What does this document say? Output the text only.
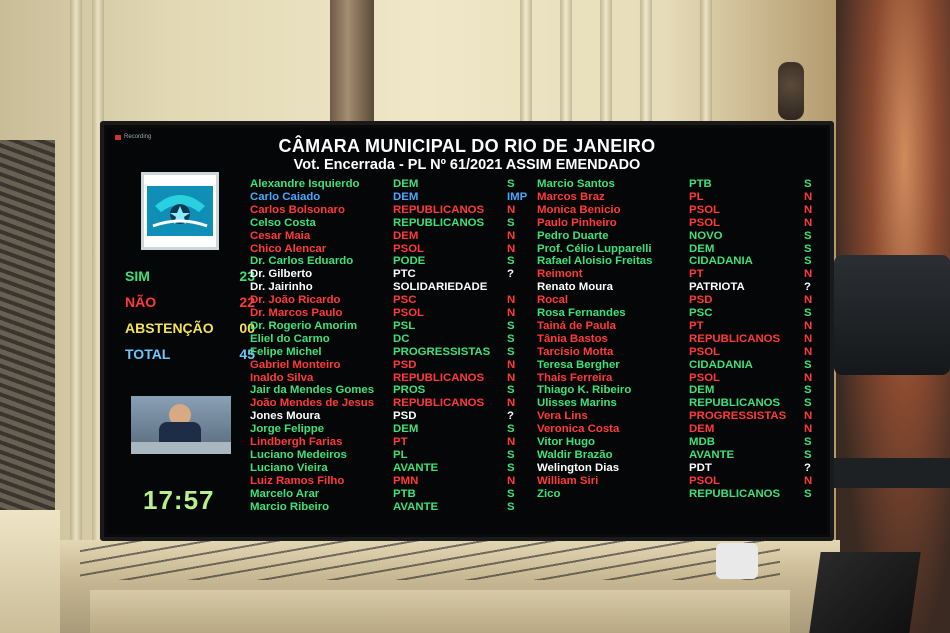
Recording	CÂMARA MUNICIPAL DO RIO DE JANEIRO
Vot. Encerrada - PL Nº 61/2021 ASSIM EMENDADO
SIM	23
NÃO	22
ABSTENÇÃO	00
TOTAL	45
17:57
Alexandre Isquierdo	DEM	S
Carlo Caiado	DEM	IMP
Carlos Bolsonaro	REPUBLICANOS N
Celso Costa	REPUBLICANOS S
Cesar Maia	DEM	N
Chico Alencar	PSOL	N
Dr. Carlos Eduardo	PODE	S
Dr. Gilberto	PTC	?
Dr. Jairinho	SOLIDARIEDADE
Dr. João Ricardo	PSC	N
Dr. Marcos Paulo	PSOL	N
Dr. Rogerio Amorim	PSL	S
Eliel do Carmo	DC	S
Felipe Michel	PROGRESSISTAS S
Gabriel Monteiro	PSD	N
Inaldo Silva	REPUBLICANOS N
Jair da Mendes Gomes PROS	S
João Mendes de Jesus REPUBLICANOS N
Jones Moura	PSD	?
Jorge Felippe	DEM	S
Lindbergh Farias	PT	N
Luciano Medeiros	PL	S
Luciano Vieira	AVANTE	S
Luiz Ramos Filho	PMN	N
Marcelo Arar	PTB	S
Marcio Ribeiro	AVANTE	S
Marcio Santos	PTB	S
Marcos Braz	PL	N
Monica Benicio	PSOL	N
Paulo Pinheiro	PSOL	N
Pedro Duarte	NOVO	S
Prof. Célio Lupparelli	DEM	S
Rafael Aloisio Freitas	CIDADANIA	S
Reimont	PT	N
Renato Moura	PATRIOTA	?
Rocal	PSD	N
Rosa Fernandes	PSC	S
Tainá de Paula	PT	N
Tânia Bastos	REPUBLICANOS N
Tarcísio Motta	PSOL	N
Teresa Bergher	CIDADANIA	S
Thais Ferreira	PSOL	N
Thiago K. Ribeiro	DEM	S
Ulisses Marins	REPUBLICANOS S
Vera Lins	PROGRESSISTAS N
Veronica Costa	DEM	N
Vitor Hugo	MDB	S
Waldir Brazão	AVANTE	S
Welington Dias	PDT	?
William Siri	PSOL	N
Zico	REPUBLICANOS S
